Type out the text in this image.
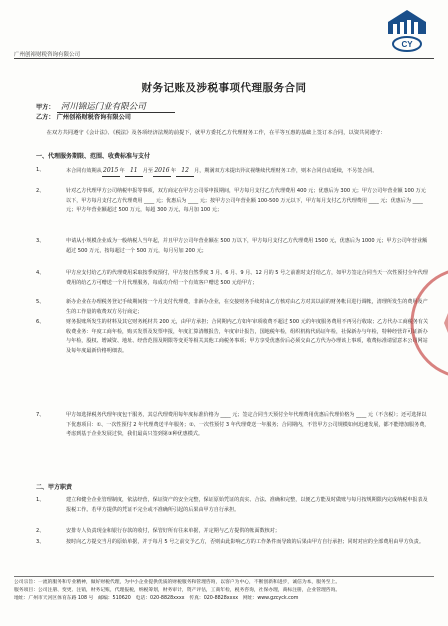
广州创裕财税咨询有限公司
CY
财务记账及涉税事项代理服务合同
甲方： 河川锦运门业有限公司
乙方： 广州创裕财税咨询有限公司
在双方共同遵守《会计法》、《税法》及各项经济法规的前提下，就甲方委托乙方代理财务工作，在平等互惠的基础上签订本合同，以资共同遵守：
一、代理服务期限、范围、收费标准与支付
1、	本合同有效期从2015年 11 月至2016年 12 月，期满双方未提出异议视继续代理财务工作，则本合同自动延续，不另签合同。
2、	针对乙方代理甲方公司纳税申报等事项，双方商定在甲方公司零申报期间，甲方每月支付乙方代理费用 400 元；优惠后为 300 元；甲方公司年营业额 100 万元以下，甲方每月支付乙方代理费用 ____ 元；优惠后为 ____ 元；按甲方公司年营业额 100-500 万元以下，甲方每月支付乙方代理费用 ____ 元；优惠后为 ____ 元；甲方年营业额超过 500 万元，每超 300 万元，每月加 100 元；
3、	申请从小规模企业成为一般纳税人当年起，并且甲方公司年营业额在 500 万以下，甲方每月支付乙方代理费用 1500 元，优惠后为 1000 元；甲方公司年营业额超过 500 万元，按每超过一个 500 万元，每月另加 200 元；
4、	甲方应支付给乙方的代理费用采取按季度预付，甲方按自然季度 3 月、6 月、9 月、12 月的 5 号之前准时支付给乙方，如甲方签定合同当天一次性预付全年代理费用的给乙方可赠送一个月代理服务，每成功介绍一个有效客户赠送 500 元给甲方；
5、	新办企业在办理税务登记手续期间按一个月支付代理费，非新办企业，在交接财务手续时由乙方核对由乙方对其以前的财务帐目进行调帐，清理所发生的费用及产生的工作量的收费双方另行商定；
6、	财务报账所发生的材料及其它财务耗材共 200 元，由甲方承担；合同期内乙方如年审项收费不超过 500 元的年度服务费用不再另行收取；乙方代办工商税务有关收费业务：年度工商年检，购买发票及发票申报，年度汇算清缴报告，年度审计报告，国地税年检，组织机构代码证年检，社保新办与年检，特种经营许可证新办与年检，股权、增减资、地址、经营范围及期限等变更等相关其他工商税务事项；甲方享受优惠价后必须交由乙方代为办理该上事项，收费标准请留意本公司网站及每年度最新价格明细表。
7、	甲方如选择税务代理年度包干服务，其总代理费用每年度标准价格为 ____ 元；签定合同当天预付全年代理费用优惠后代理价格为 ____ 元（不含税）；还可选择以下优惠项目：①、一次性预付 2 年代理费送半年服务；②、一次性预付 3 年代理费送一年服务；合同期内，不管甲方公司规模如何迅速发展，都不能增加服务费，考虑到基于企业发展过快，我们最高只签到第③种优惠模式。
二、甲方职责
1、	建立和健全企业管理制度，依法经营，保证资产的安全完整，保证原始凭证的真实、合法、准确和完整，以便乙方能及时做账与每月按规期限内完成纳税申报表及报税工作。若甲方提供的凭证不完全或不准确所引起的后果由甲方自行承担。
2、	安排专人负责现金和银行存款的收付，保管好所有往来单据，并定期与乙方提供的帐面数核对；
3、	按时向乙方提交当月的原始单据，并于每月 5 号之前交予乙方，否则由此影响乙方的工作条件而导致的后果由甲方自行承担；同时对应的全部费用由甲方负责。
公司宗旨：一流的服务和专业精神，做好财税代理，为中小企业提供优质的财税服务和管理咨询，以客户为中心，不断创新和进步，诚信为本，服务至上。
服务项目：公司注册、变更、注销，财务记账，代理报税，纳税筹划，财务审计，资产评估，工商年检，税务咨询，社保办理，商标注册，企业管理咨询。
地址：广州市天河区体育东路 108 号　邮编：510620　电话：020-8828xxxx　传真：020-8828xxxx　网址：www.gzcyck.com
